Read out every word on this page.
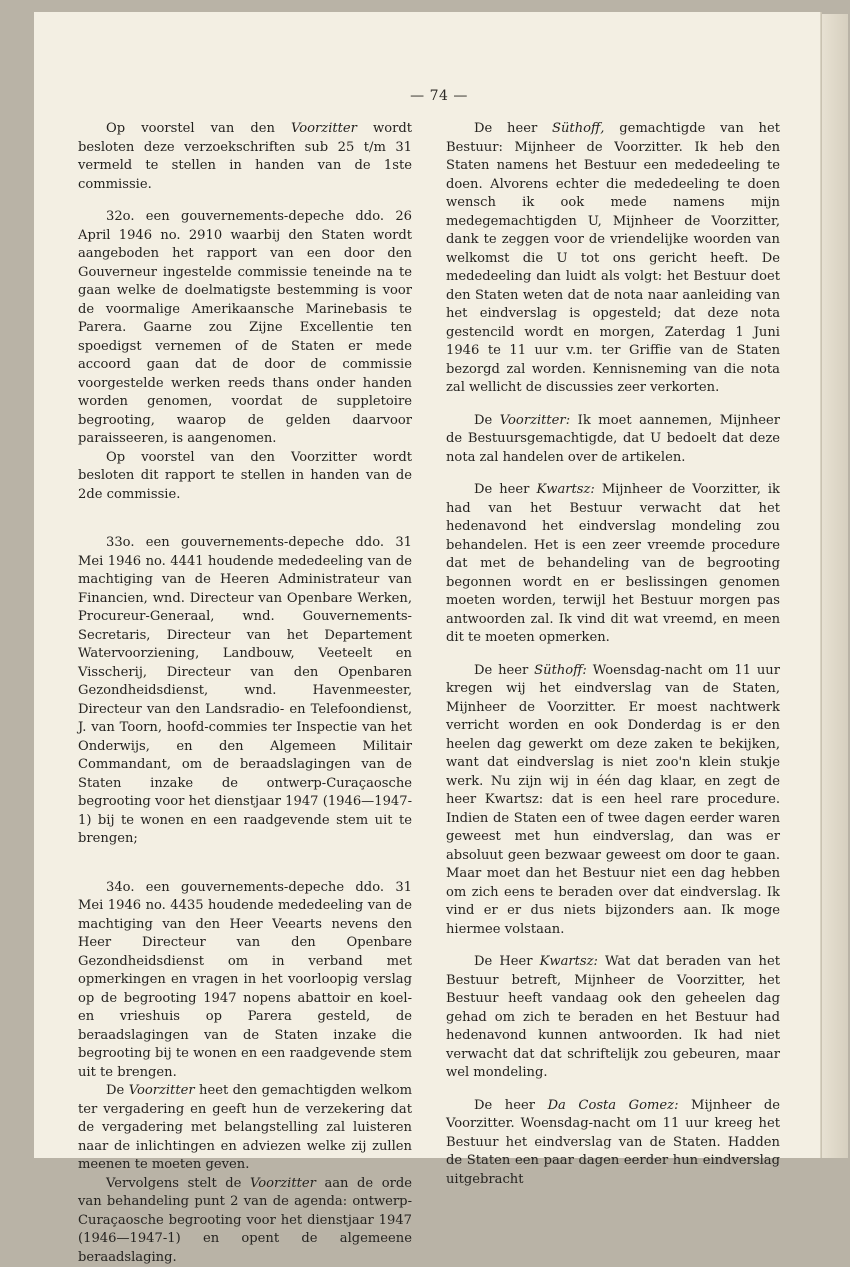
— 74 —

Op voorstel van den Voorzitter wordt besloten deze verzoekschriften sub 25 t/m 31 vermeld te stellen in handen van de 1ste commissie.

32o. een gouvernements-depeche ddo. 26 April 1946 no. 2910 waarbij den Staten wordt aangeboden het rapport van een door den Gouverneur ingestelde commissie teneinde na te gaan welke de doelmatigste bestemming is voor de voormalige Amerikaansche Marinebasis te Parera. Gaarne zou Zijne Excellentie ten spoedigst vernemen of de Staten er mede accoord gaan dat de door de commissie voorgestelde werken reeds thans onder handen worden genomen, voordat de suppletoire begrooting, waarop de gelden daarvoor paraisseeren, is aangenomen.

Op voorstel van den Voorzitter wordt besloten dit rapport te stellen in handen van de 2de commissie.

33o. een gouvernements-depeche ddo. 31 Mei 1946 no. 4441 houdende mededeeling van de machtiging van de Heeren Administrateur van Financien, wnd. Directeur van Openbare Werken, Procureur-Generaal, wnd. Gouvernements-Secretaris, Directeur van het Departement Watervoorziening, Landbouw, Veeteelt en Visscherij, Directeur van den Openbaren Gezondheidsdienst, wnd. Havenmeester, Directeur van den Landsradio- en Telefoondienst, J. van Toorn, hoofd-commies ter Inspectie van het Onderwijs, en den Algemeen Militair Commandant, om de beraadslagingen van de Staten inzake de ontwerp-Curaçaosche begrooting voor het dienstjaar 1947 (1946—1947-1) bij te wonen en een raadgevende stem uit te brengen;

34o. een gouvernements-depeche ddo. 31 Mei 1946 no. 4435 houdende mededeeling van de machtiging van den Heer Veearts nevens den Heer Directeur van den Openbare Gezondheidsdienst om in verband met opmerkingen en vragen in het voorloopig verslag op de begrooting 1947 nopens abattoir en koel- en vrieshuis op Parera gesteld, de beraadslagingen van de Staten inzake die begrooting bij te wonen en een raadgevende stem uit te brengen.

De Voorzitter heet den gemachtigden welkom ter vergadering en geeft hun de verzekering dat de vergadering met belangstelling zal luisteren naar de inlichtingen en adviezen welke zij zullen meenen te moeten geven.

Vervolgens stelt de Voorzitter aan de orde van behandeling punt 2 van de agenda: ontwerp-Curaçaosche begrooting voor het dienstjaar 1947 (1946—1947-1) en opent de algemeene beraadslaging.

De heer Süthoff, gemachtigde van het Bestuur: Mijnheer de Voorzitter. Ik heb den Staten namens het Bestuur een mededeeling te doen. Alvorens echter die mededeeling te doen wensch ik ook mede namens mijn medegemachtigden U, Mijnheer de Voorzitter, dank te zeggen voor de vriendelijke woorden van welkomst die U tot ons gericht heeft. De mededeeling dan luidt als volgt: het Bestuur doet den Staten weten dat de nota naar aanleiding van het eindverslag is opgesteld; dat deze nota gestencild wordt en morgen, Zaterdag 1 Juni 1946 te 11 uur v.m. ter Griffie van de Staten bezorgd zal worden. Kennisneming van die nota zal wellicht de discussies zeer verkorten.

De Voorzitter: Ik moet aannemen, Mijnheer de Bestuursgemachtigde, dat U bedoelt dat deze nota zal handelen over de artikelen.

De heer Kwartsz: Mijnheer de Voorzitter, ik had van het Bestuur verwacht dat het hedenavond het eindverslag mondeling zou behandelen. Het is een zeer vreemde procedure dat met de behandeling van de begrooting begonnen wordt en er beslissingen genomen moeten worden, terwijl het Bestuur morgen pas antwoorden zal. Ik vind dit wat vreemd, en meen dit te moeten opmerken.

De heer Süthoff: Woensdag-nacht om 11 uur kregen wij het eindverslag van de Staten, Mijnheer de Voorzitter. Er moest nachtwerk verricht worden en ook Donderdag is er den heelen dag gewerkt om deze zaken te bekijken, want dat eindverslag is niet zoo'n klein stukje werk. Nu zijn wij in één dag klaar, en zegt de heer Kwartsz: dat is een heel rare procedure. Indien de Staten een of twee dagen eerder waren geweest met hun eindverslag, dan was er absoluut geen bezwaar geweest om door te gaan. Maar moet dan het Bestuur niet een dag hebben om zich eens te beraden over dat eindverslag. Ik vind er er dus niets bijzonders aan. Ik moge hiermee volstaan.

De Heer Kwartsz: Wat dat beraden van het Bestuur betreft, Mijnheer de Voorzitter, het Bestuur heeft vandaag ook den geheelen dag gehad om zich te beraden en het Bestuur had hedenavond kunnen antwoorden. Ik had niet verwacht dat dat schriftelijk zou gebeuren, maar wel mondeling.

De heer Da Costa Gomez: Mijnheer de Voorzitter. Woensdag-nacht om 11 uur kreeg het Bestuur het eindverslag van de Staten. Hadden de Staten een paar dagen eerder hun eindverslag uitgebracht
